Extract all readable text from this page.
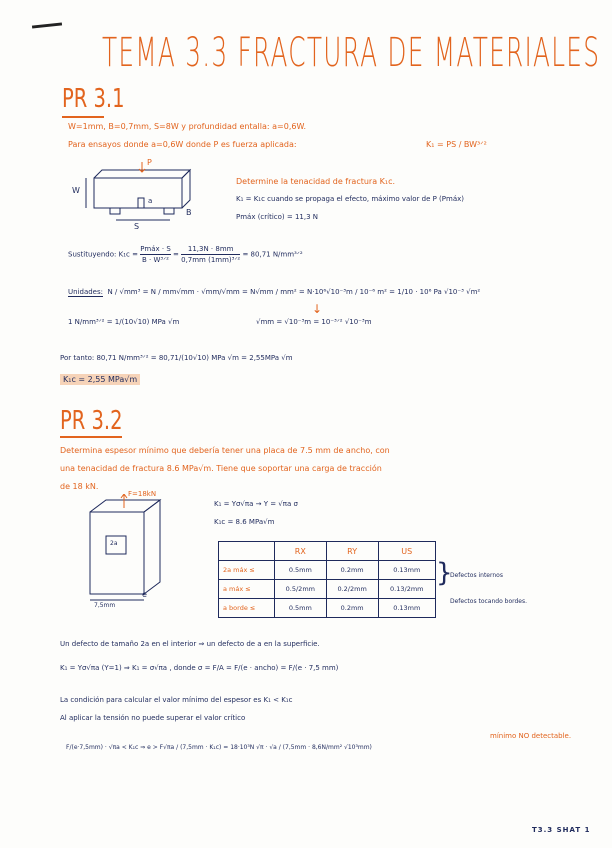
TEMA 3.3 FRACTURA DE MATERIALES
PR 3.1
W=1mm, B=0,7mm, S=8W y profundidad entalla: a=0,6W.
Para ensayos donde a=0,6W donde P es fuerza aplicada:	K₁ = PS / BW³ᐟ²
P
W
a
B
S
Determine la tenacidad de fractura K₁c.
K₁ = K₁c cuando se propaga el efecto, máximo valor de P (Pmáx)
Pmáx (crítico) = 11,3 N
Sustituyendo: $K_1c = \frac{\text{Pmáx · S}}{\text{B · W³ᐟ²}} = \frac{11,3N \cdot 8mm}{\text{0,7mm (1mm)³ᐟ²}} = 80,71$ N/mm³ᐟ²
Unidades: N / √mm³ = N / mm√mm · √mm/√mm = N√mm / mm² = N·10⁶√10⁻³m / 10⁻⁶ m² = 1/10 · 10⁶ Pa √10⁻³ √m²
↓
1 N/mm³ᐟ² = 1/(10√10) MPa √m	√mm = √10⁻³m = 10⁻³ᐟ² √10⁻³m
Por tanto: 80,71 N/mm³ᐟ² = 80,71/(10√10) MPa √m = 2,55MPa √m
K₁c = 2,55 MPa√m
PR 3.2
Determina espesor mínimo que debería tener una placa de 7.5 mm de ancho, con
una tenacidad de fractura 8.6 MPa√m. Tiene que soportar una carga de tracción
de 18 kN.
F=18kN
2a
7,5mm
e
K₁ = Yσ√πa → Y = √πa σ
K₁c = 8.6 MPa√m
	RX	RY	US
2a máx ≤	0.5mm	0.2mm	0.13mm
a máx ≤	0.5/2mm	0.2/2mm	0.13/2mm
a borde ≤	0.5mm	0.2mm	0.13mm
}
Defectos internos
Defectos tocando bordes.
Un defecto de tamaño 2a en el interior ⇒ un defecto de a en la superficie.
K₁ = Yσ√πa (Y=1) ⇒ K₁ = σ√πa , donde σ = F/A = F/(e · ancho) = F/(e · 7,5 mm)
La condición para calcular el valor mínimo del espesor es K₁ < K₁c
Al aplicar la tensión no puede superar el valor crítico
F/(e·7,5mm) · √πa < K₁c ⇒ e > F√πa / (7,5mm · K₁c) = 18·10³N √π · √a / (7,5mm · 8,6N/mm² √10³mm)
mínimo NO detectable.
T3.3 SHAT 1
